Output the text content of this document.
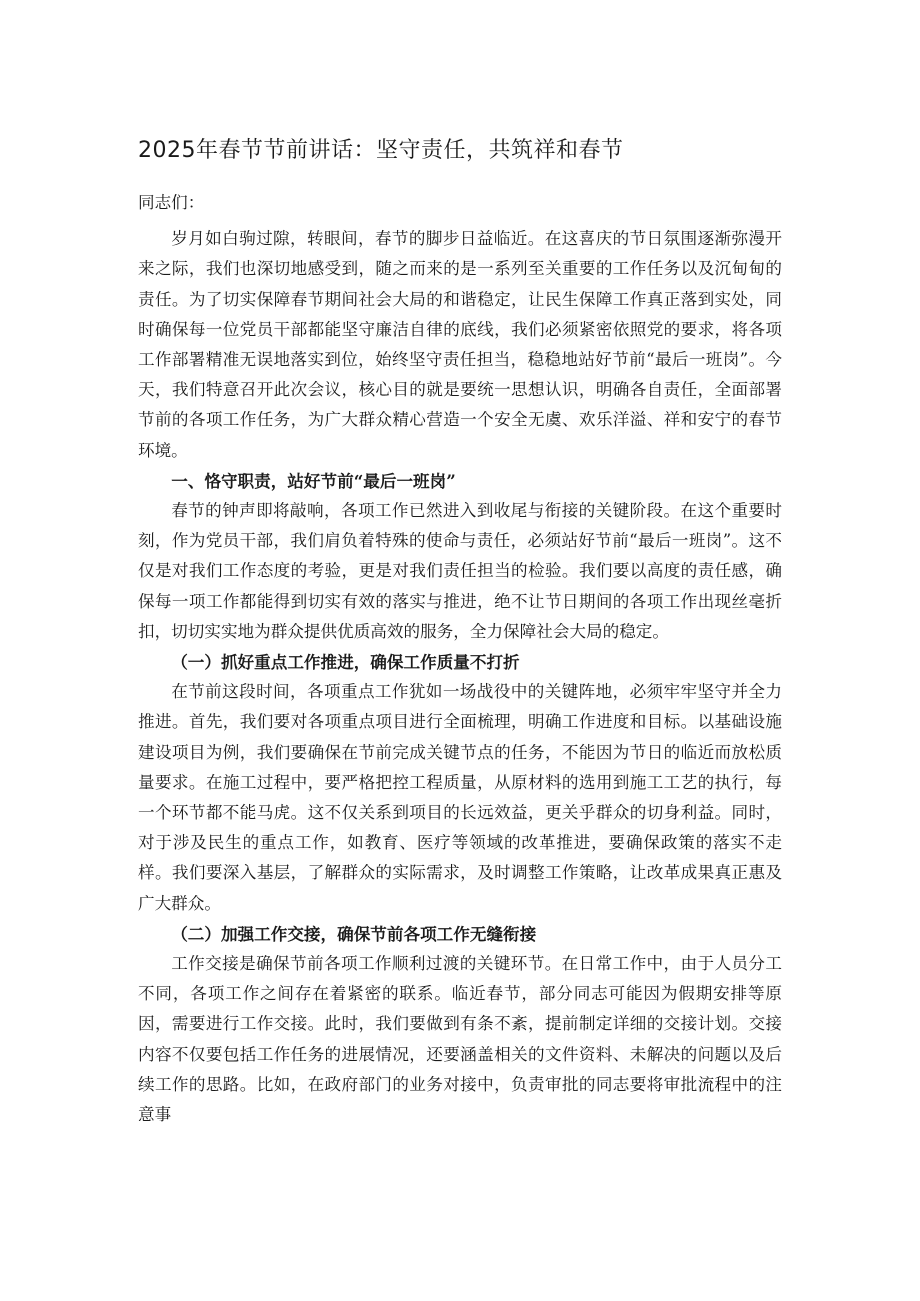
2025年春节节前讲话：坚守责任，共筑祥和春节

同志们：

岁月如白驹过隙，转眼间，春节的脚步日益临近。在这喜庆的节日氛围逐渐弥漫开来之际，我们也深切地感受到，随之而来的是一系列至关重要的工作任务以及沉甸甸的责任。为了切实保障春节期间社会大局的和谐稳定，让民生保障工作真正落到实处，同时确保每一位党员干部都能坚守廉洁自律的底线，我们必须紧密依照党的要求，将各项工作部署精准无误地落实到位，始终坚守责任担当，稳稳地站好节前“最后一班岗”。今天，我们特意召开此次会议，核心目的就是要统一思想认识，明确各自责任，全面部署节前的各项工作任务，为广大群众精心营造一个安全无虞、欢乐洋溢、祥和安宁的春节环境。

一、恪守职责，站好节前“最后一班岗”

春节的钟声即将敲响，各项工作已然进入到收尾与衔接的关键阶段。在这个重要时刻，作为党员干部，我们肩负着特殊的使命与责任，必须站好节前“最后一班岗”。这不仅是对我们工作态度的考验，更是对我们责任担当的检验。我们要以高度的责任感，确保每一项工作都能得到切实有效的落实与推进，绝不让节日期间的各项工作出现丝毫折扣，切切实实地为群众提供优质高效的服务，全力保障社会大局的稳定。

（一）抓好重点工作推进，确保工作质量不打折

在节前这段时间，各项重点工作犹如一场战役中的关键阵地，必须牢牢坚守并全力推进。首先，我们要对各项重点项目进行全面梳理，明确工作进度和目标。以基础设施建设项目为例，我们要确保在节前完成关键节点的任务，不能因为节日的临近而放松质量要求。在施工过程中，要严格把控工程质量，从原材料的选用到施工工艺的执行，每一个环节都不能马虎。这不仅关系到项目的长远效益，更关乎群众的切身利益。同时，对于涉及民生的重点工作，如教育、医疗等领域的改革推进，要确保政策的落实不走样。我们要深入基层，了解群众的实际需求，及时调整工作策略，让改革成果真正惠及广大群众。

（二）加强工作交接，确保节前各项工作无缝衔接

工作交接是确保节前各项工作顺利过渡的关键环节。在日常工作中，由于人员分工不同，各项工作之间存在着紧密的联系。临近春节，部分同志可能因为假期安排等原因，需要进行工作交接。此时，我们要做到有条不紊，提前制定详细的交接计划。交接内容不仅要包括工作任务的进展情况，还要涵盖相关的文件资料、未解决的问题以及后续工作的思路。比如，在政府部门的业务对接中，负责审批的同志要将审批流程中的注意事
